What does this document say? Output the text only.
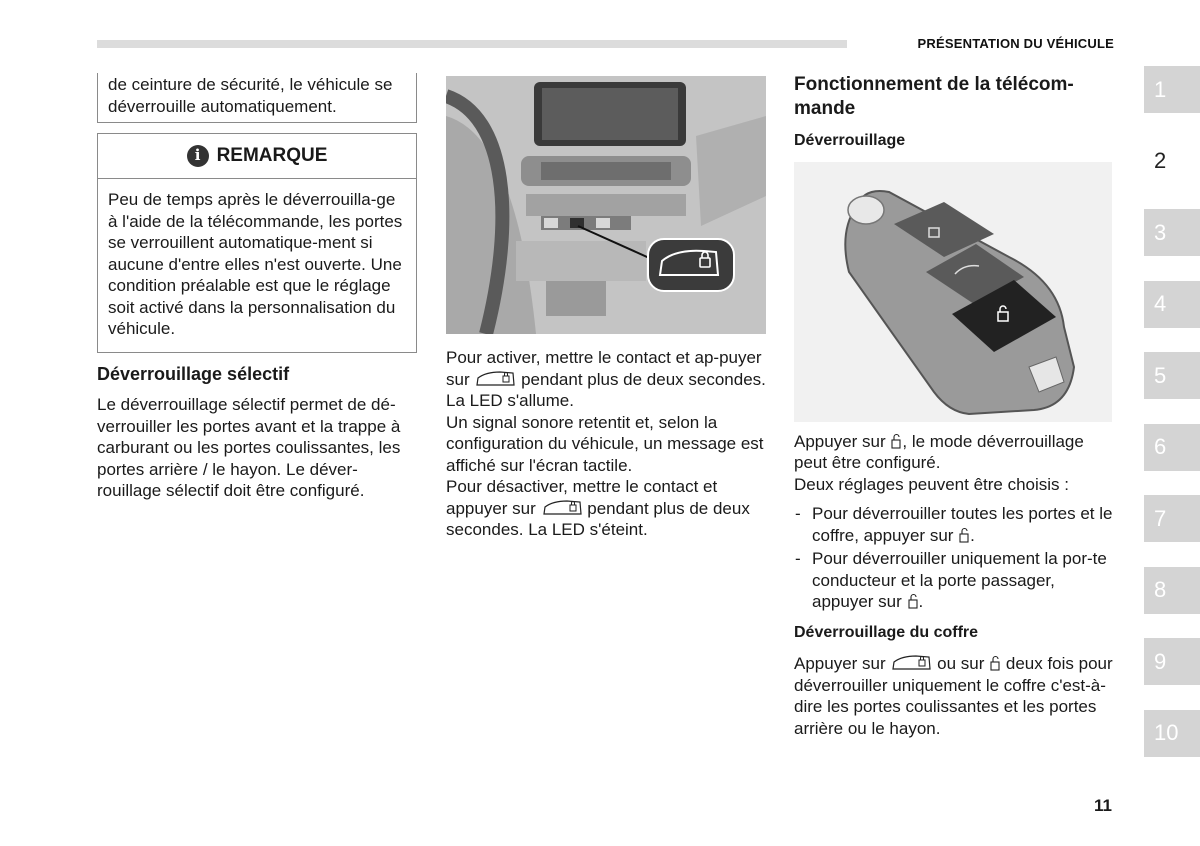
PRÉSENTATION DU VÉHICULE

de ceinture de sécurité, le véhicule se déverrouille automatiquement.

i REMARQUE
Peu de temps après le déverrouilla-ge à l'aide de la télécommande, les portes se verrouillent automatique-ment si aucune d'entre elles n'est ouverte. Une condition préalable est que le réglage soit activé dans la personnalisation du véhicule.
Déverrouillage sélectif

Le déverrouillage sélectif permet de dé-verrouiller les portes avant et la trappe à carburant ou les portes coulissantes, les portes arrière / le hayon. Le déver-rouillage sélectif doit être configuré.

Pour activer, mettre le contact et ap-puyer sur	pendant plus de deux secondes. La LED s'allume.

Un signal sonore retentit et, selon la configuration du véhicule, un message est affiché sur l'écran tactile.

Pour désactiver, mettre le contact et appuyer sur	pendant plus de deux secondes. La LED s'éteint.

Fonctionnement de la télécom-mande
Déverrouillage

Appuyer sur , le mode déverrouillage peut être configuré.

Deux réglages peuvent être choisis :

- Pour déverrouiller toutes les portes et le coffre, appuyer sur .
- Pour déverrouiller uniquement la por-te conducteur et la porte passager, appuyer sur .
Déverrouillage du coffre

Appuyer sur	ou sur deux fois pour déverrouiller uniquement le coffre c'est-à-dire les portes coulissantes et les portes arrière ou le hayon.

1
2
3
4
5
6
7
8
9
10
11
